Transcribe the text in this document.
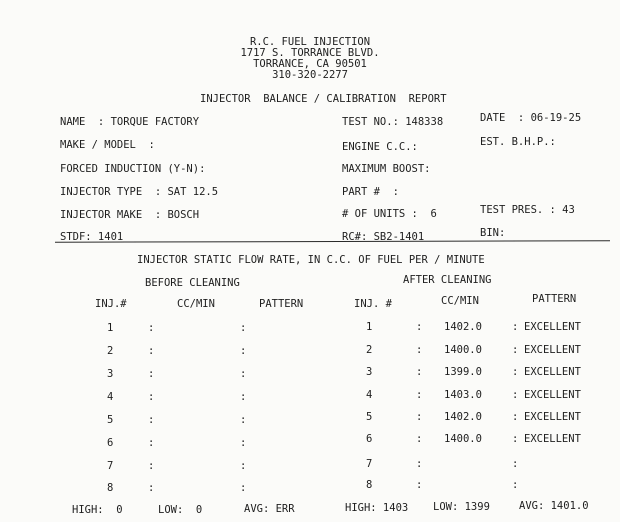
R.C. FUEL INJECTION
1717 S. TORRANCE BLVD.
TORRANCE, CA 90501
310-320-2277
INJECTOR  BALANCE / CALIBRATION  REPORT
NAME  : TORQUE FACTORY	TEST NO.: 148338	DATE  : 06-19-25
MAKE / MODEL  :	ENGINE C.C.:	EST. B.H.P.:
FORCED INDUCTION (Y-N):	MAXIMUM BOOST:
INJECTOR TYPE  : SAT 12.5	PART #  :
INJECTOR MAKE  : BOSCH	# OF UNITS :  6	TEST PRES. : 43
STDF: 1401	RC#: SB2-1401	BIN:
INJECTOR STATIC FLOW RATE, IN C.C. OF FUEL PER / MINUTE
BEFORE CLEANING
INJ.#	CC/MIN	PATTERN
1	:	:
2	:	:
3	:	:
4	:	:
5	:	:
6	:	:
7	:	:
8	:	:
HIGH:  0	LOW:  0	AVG: ERR
AFTER CLEANING
INJ. #	CC/MIN	PATTERN
1	: 1402.0	: EXCELLENT
2	: 1400.0	: EXCELLENT
3	: 1399.0	: EXCELLENT
4	: 1403.0	: EXCELLENT
5	: 1402.0	: EXCELLENT
6	: 1400.0	: EXCELLENT
7	:	:
8	:	:
HIGH: 1403 LOW: 1399	AVG: 1401.0
